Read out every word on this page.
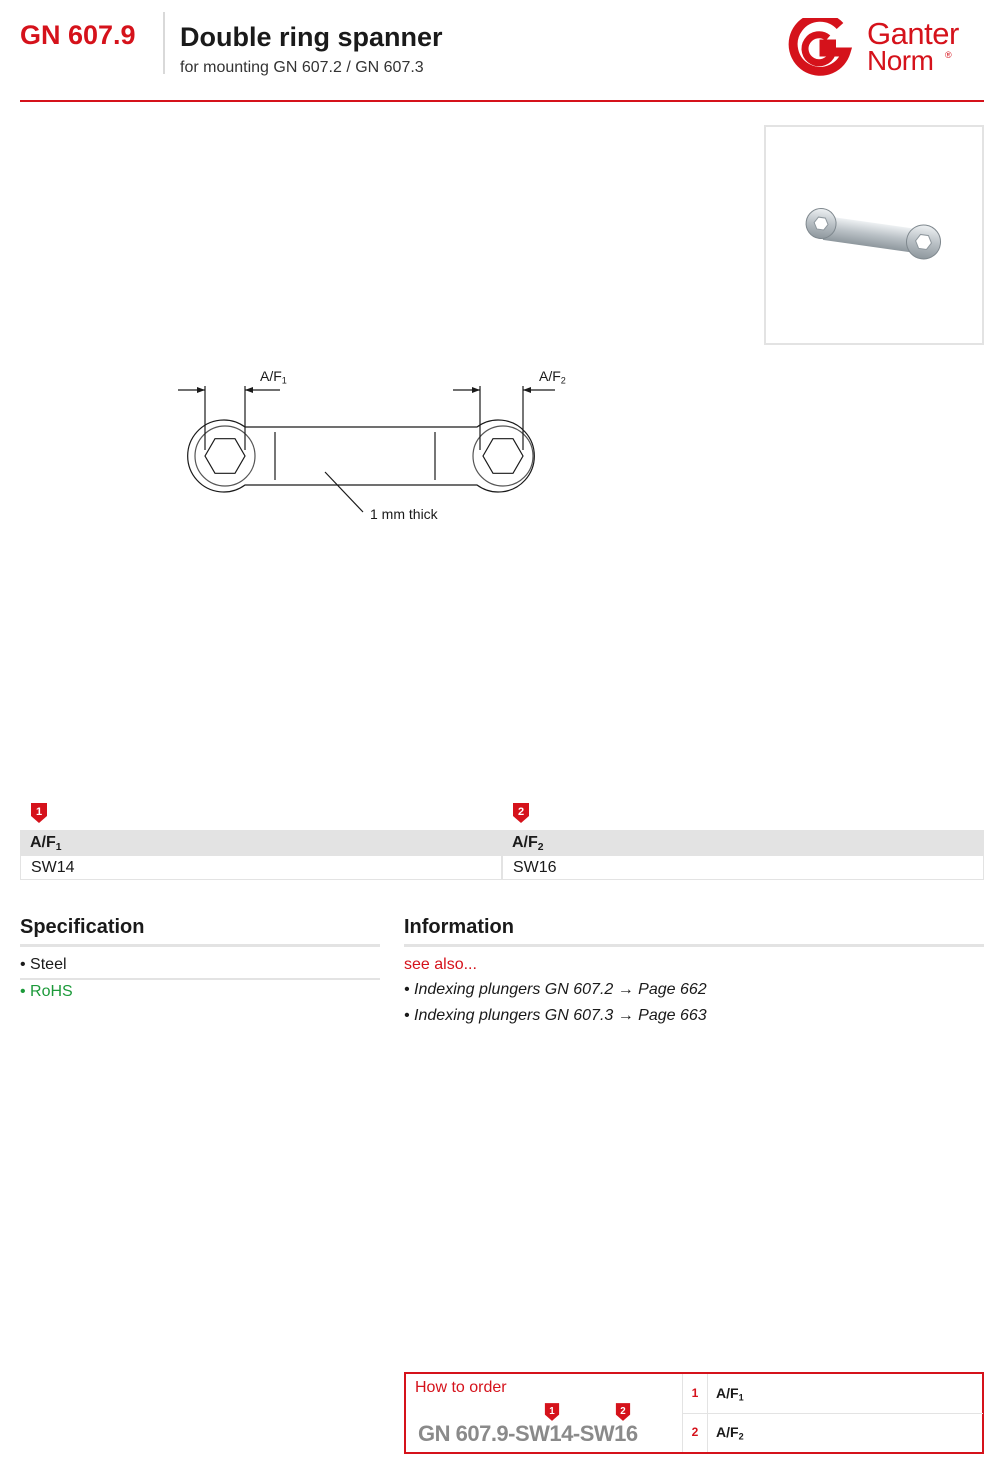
GN 607.9 Double ring spanner
for mounting GN 607.2 / GN 607.3
Ganter
Norm ®
$A/F_1$	$A/F_2$
1 mm thick
1	2
$A/F_1$
SW14
$A/F_2$
SW16
Specification
• Steel
• RoHS
Information
see also...
• Indexing plungers GN 607.2 → Page 662
• Indexing plungers GN 607.3 → Page 663
How to order
1	2
GN 607.9-SW14-SW16
1	$A/F_1$
2	$A/F_2$
